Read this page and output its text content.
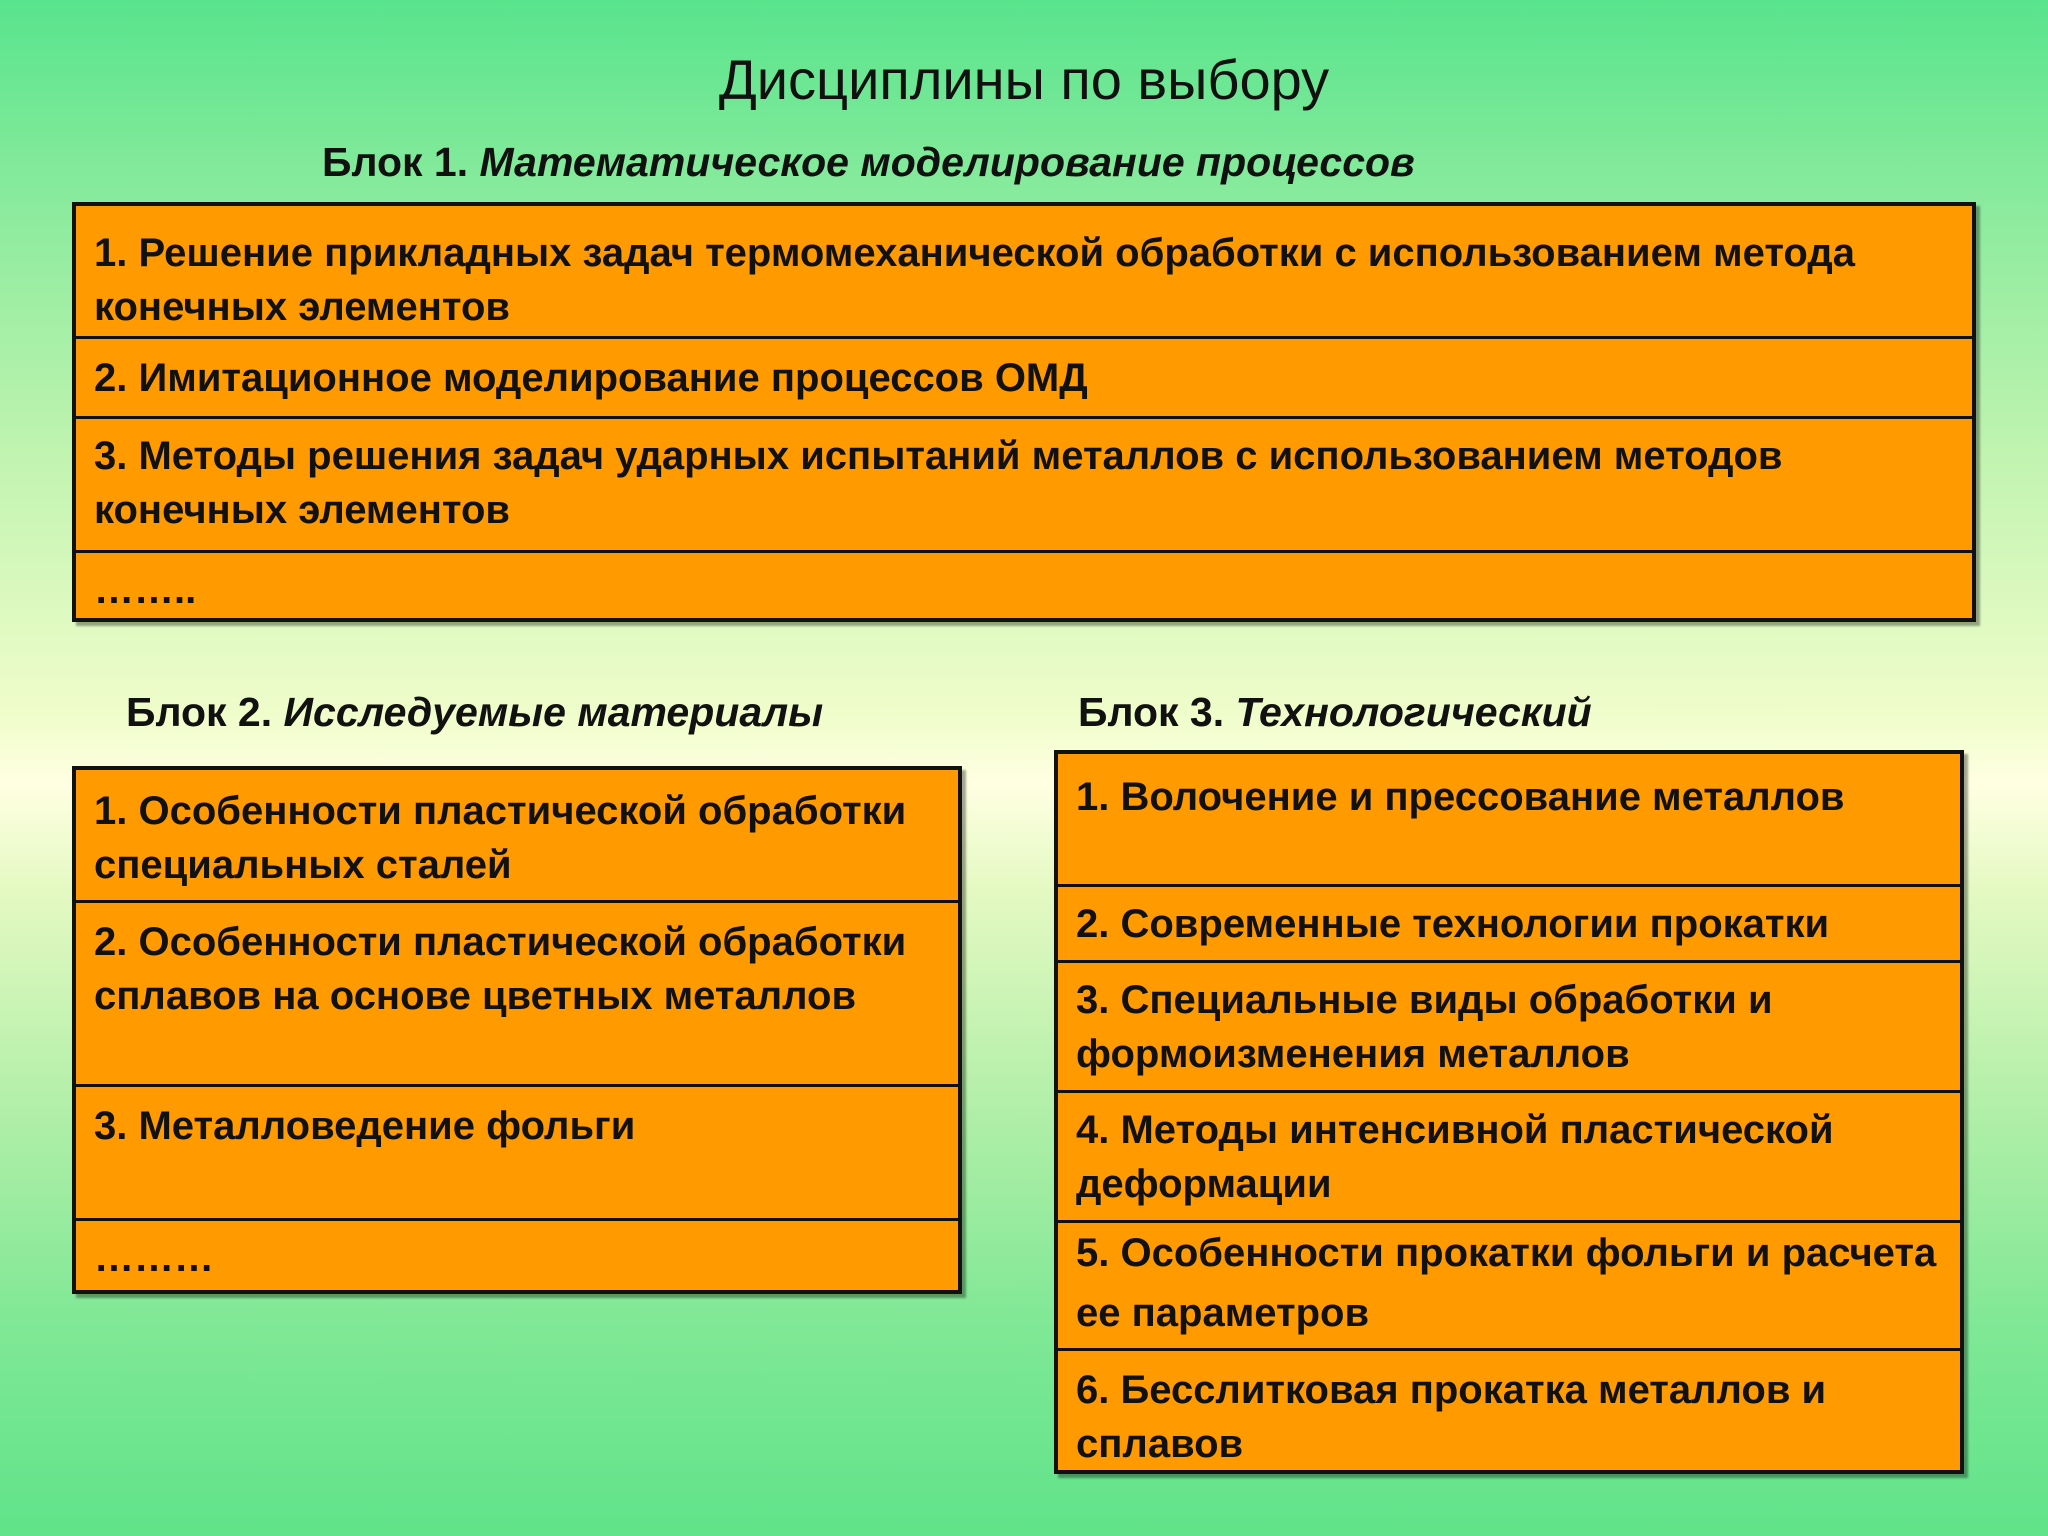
Дисциплины по выбору
Блок 1. Математическое моделирование процессов
1. Решение прикладных задач термомеханической обработки с использованием метода конечных элементов
2. Имитационное моделирование процессов ОМД
3. Методы решения задач ударных испытаний металлов с использованием методов конечных элементов
……..
Блок 2. Исследуемые материалы
1. Особенности пластической обработки специальных сталей
2. Особенности пластической обработки сплавов на основе цветных металлов
3. Металловедение фольги
………
Блок 3. Технологический
1. Волочение и прессование металлов
2. Современные технологии прокатки
3. Специальные виды обработки и формоизменения металлов
4. Методы интенсивной пластической деформации
5. Особенности прокатки фольги и расчета ее параметров
6. Бесслитковая прокатка металлов и сплавов
